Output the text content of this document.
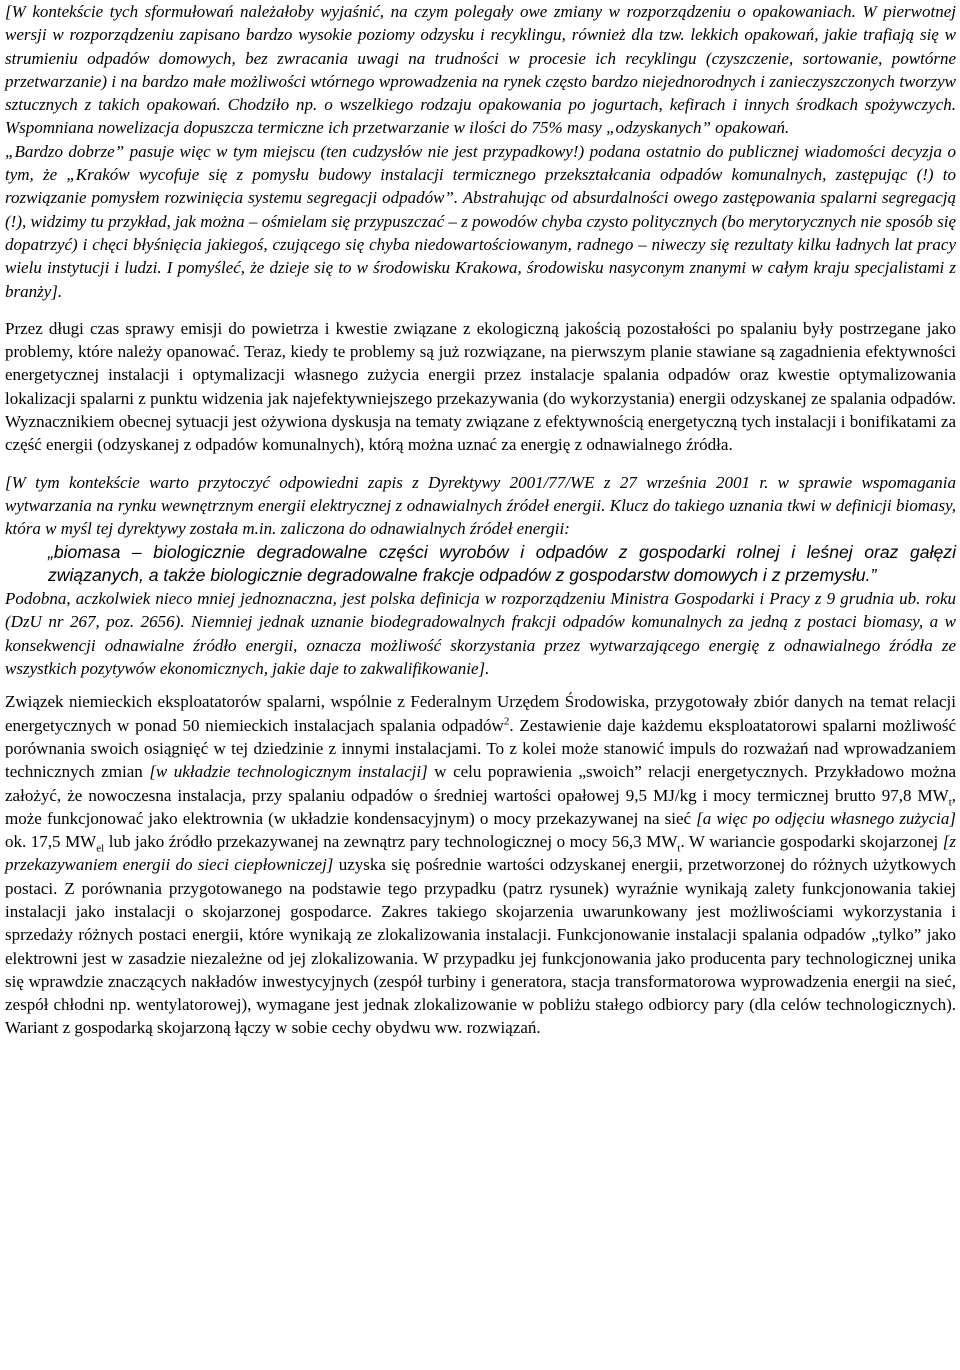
[W kontekście tych sformułowań należałoby wyjaśnić, na czym polegały owe zmiany w rozporządzeniu o opakowaniach. W pierwotnej wersji w rozporządzeniu zapisano bardzo wysokie poziomy odzysku i recyklingu, również dla tzw. lekkich opakowań, jakie trafiają się w strumieniu odpadów domowych, bez zwracania uwagi na trudności w procesie ich recyklingu (czyszczenie, sortowanie, powtórne przetwarzanie) i na bardzo małe możliwości wtórnego wprowadzenia na rynek często bardzo niejednorodnych i zanieczyszczonych tworzyw sztucznych z takich opakowań. Chodziło np. o wszelkiego rodzaju opakowania po jogurtach, kefirach i innych środkach spożywczych. Wspomniana nowelizacja dopuszcza termiczne ich przetwarzanie w ilości do 75% masy „odzyskanych” opakowań.
„Bardzo dobrze” pasuje więc w tym miejscu (ten cudzysłów nie jest przypadkowy!) podana ostatnio do publicznej wiadomości decyzja o tym, że „Kraków wycofuje się z pomysłu budowy instalacji termicznego przekształcania odpadów komunalnych, zastępując (!) to rozwiązanie pomysłem rozwinięcia systemu segregacji odpadów”. Abstrahując od absurdalności owego zastępowania spalarni segregacją (!), widzimy tu przykład, jak można – ośmielam się przypuszczać – z powodów chyba czysto politycznych (bo merytorycznych nie sposób się dopatrzyć) i chęci błyśnięcia jakiegoś, czującego się chyba niedowartościowanym, radnego – niweczy się rezultaty kilku ładnych lat pracy wielu instytucji i ludzi. I pomyśleć, że dzieje się to w środowisku Krakowa, środowisku nasyconym znanymi w całym kraju specjalistami z branży].

Przez długi czas sprawy emisji do powietrza i kwestie związane z ekologiczną jakością pozostałości po spalaniu były postrzegane jako problemy, które należy opanować. Teraz, kiedy te problemy są już rozwiązane, na pierwszym planie stawiane są zagadnienia efektywności energetycznej instalacji i optymalizacji własnego zużycia energii przez instalacje spalania odpadów oraz kwestie optymalizowania lokalizacji spalarni z punktu widzenia jak najefektywniejszego przekazywania (do wykorzystania) energii odzyskanej ze spalania odpadów. Wyznacznikiem obecnej sytuacji jest ożywiona dyskusja na tematy związane z efektywnością energetyczną tych instalacji i bonifikatami za część energii (odzyskanej z odpadów komunalnych), którą można uznać za energię z odnawialnego źródła.

[W tym kontekście warto przytoczyć odpowiedni zapis z Dyrektywy 2001/77/WE z 27 września 2001 r. w sprawie wspomagania wytwarzania na rynku wewnętrznym energii elektrycznej z odnawialnych źródeł energii. Klucz do takiego uznania tkwi w definicji biomasy, która w myśl tej dyrektywy została m.in. zaliczona do odnawialnych źródeł energii:

„biomasa – biologicznie degradowalne części wyrobów i odpadów z gospodarki rolnej i leśnej oraz gałęzi związanych, a także biologicznie degradowalne frakcje odpadów z gospodarstw domowych i z przemysłu.”

Podobna, aczkolwiek nieco mniej jednoznaczna, jest polska definicja w rozporządzeniu Ministra Gospodarki i Pracy z 9 grudnia ub. roku (DzU nr 267, poz. 2656). Niemniej jednak uznanie biodegradowalnych frakcji odpadów komunalnych za jedną z postaci biomasy, a w konsekwencji odnawialne źródło energii, oznacza możliwość skorzystania przez wytwarzającego energię z odnawialnego źródła ze wszystkich pozytywów ekonomicznych, jakie daje to zakwalifikowanie].

Związek niemieckich eksploatatorów spalarni, wspólnie z Federalnym Urzędem Środowiska, przygotowały zbiór danych na temat relacji energetycznych w ponad 50 niemieckich instalacjach spalania odpadów$^2$. Zestawienie daje każdemu eksploatatorowi spalarni możliwość porównania swoich osiągnięć w tej dziedzinie z innymi instalacjami. To z kolei może stanowić impuls do rozważań nad wprowadzaniem technicznych zmian [w układzie technologicznym instalacji] w celu poprawienia „swoich” relacji energetycznych. Przykładowo można założyć, że nowoczesna instalacja, przy spalaniu odpadów o średniej wartości opałowej 9,5 MJ/kg i mocy termicznej brutto 97,8 $MW_t$, może funkcjonować jako elektrownia (w układzie kondensacyjnym) o mocy przekazywanej na sieć [a więc po odjęciu własnego zużycia] ok. 17,5 $MW_{el}$ lub jako źródło przekazywanej na zewnątrz pary technologicznej o mocy 56,3 $MW_t$. W wariancie gospodarki skojarzonej [z przekazywaniem energii do sieci ciepłowniczej] uzyska się pośrednie wartości odzyskanej energii, przetworzonej do różnych użytkowych postaci. Z porównania przygotowanego na podstawie tego przypadku (patrz rysunek) wyraźnie wynikają zalety funkcjonowania takiej instalacji jako instalacji o skojarzonej gospodarce. Zakres takiego skojarzenia uwarunkowany jest możliwościami wykorzystania i sprzedaży różnych postaci energii, które wynikają ze zlokalizowania instalacji. Funkcjonowanie instalacji spalania odpadów „tylko” jako elektrowni jest w zasadzie niezależne od jej zlokalizowania. W przypadku jej funkcjonowania jako producenta pary technologicznej unika się wprawdzie znaczących nakładów inwestycyjnych (zespół turbiny i generatora, stacja transformatorowa wyprowadzenia energii na sieć, zespół chłodni np. wentylatorowej), wymagane jest jednak zlokalizowanie w pobliżu stałego odbiorcy pary (dla celów technologicznych). Wariant z gospodarką skojarzoną łączy w sobie cechy obydwu ww. rozwiązań.
